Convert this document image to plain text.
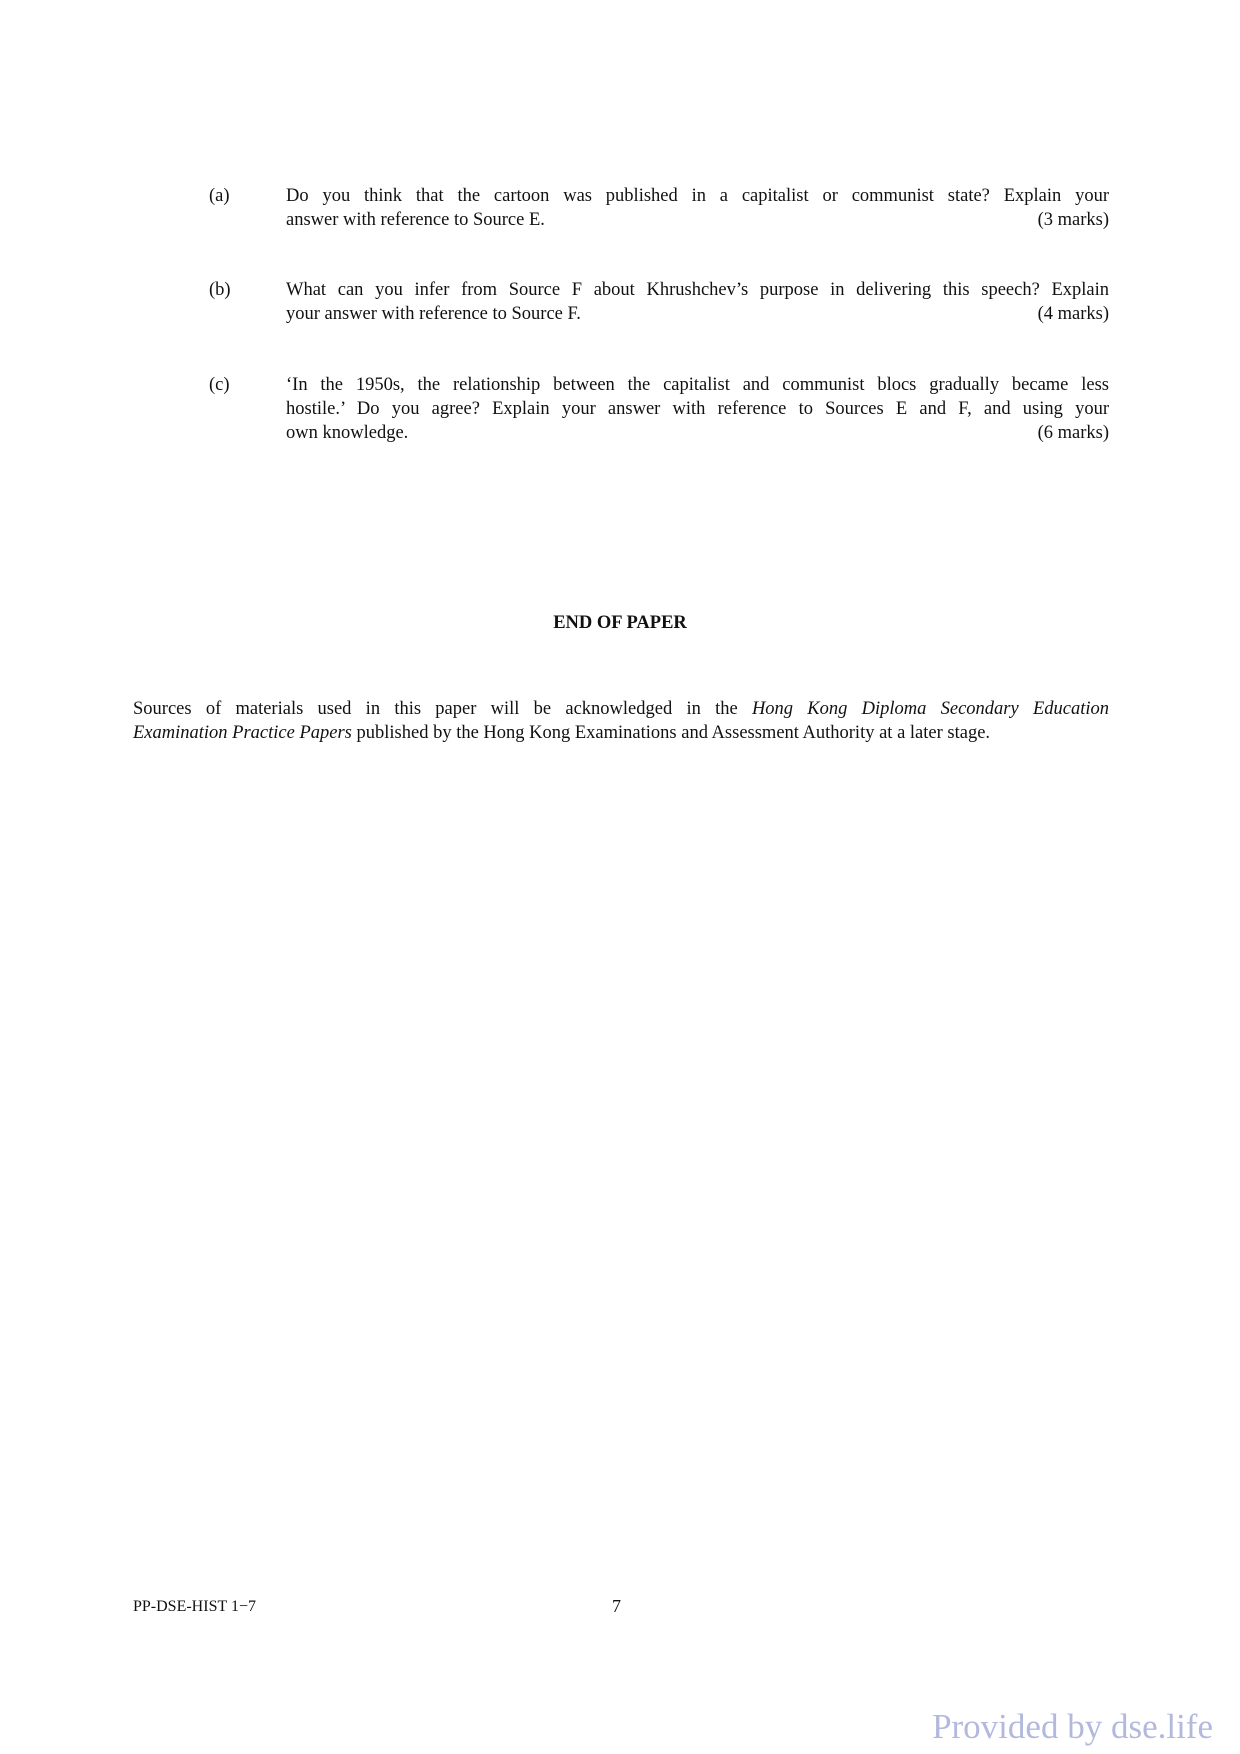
(a)	Do you think that the cartoon was published in a capitalist or communist state? Explain your
answer with reference to Source E.	(3 marks)
(b)	What can you infer from Source F about Khrushchev’s purpose in delivering this speech? Explain
your answer with reference to Source F.	(4 marks)
(c)	‘In the 1950s, the relationship between the capitalist and communist blocs gradually became less
hostile.’ Do you agree? Explain your answer with reference to Sources E and F, and using your
own knowledge.	(6 marks)
END OF PAPER
Sources of materials used in this paper will be acknowledged in the Hong Kong Diploma Secondary Education
Examination Practice Papers published by the Hong Kong Examinations and Assessment Authority at a later stage.
PP-DSE-HIST 1−7	7
Provided by dse.life
